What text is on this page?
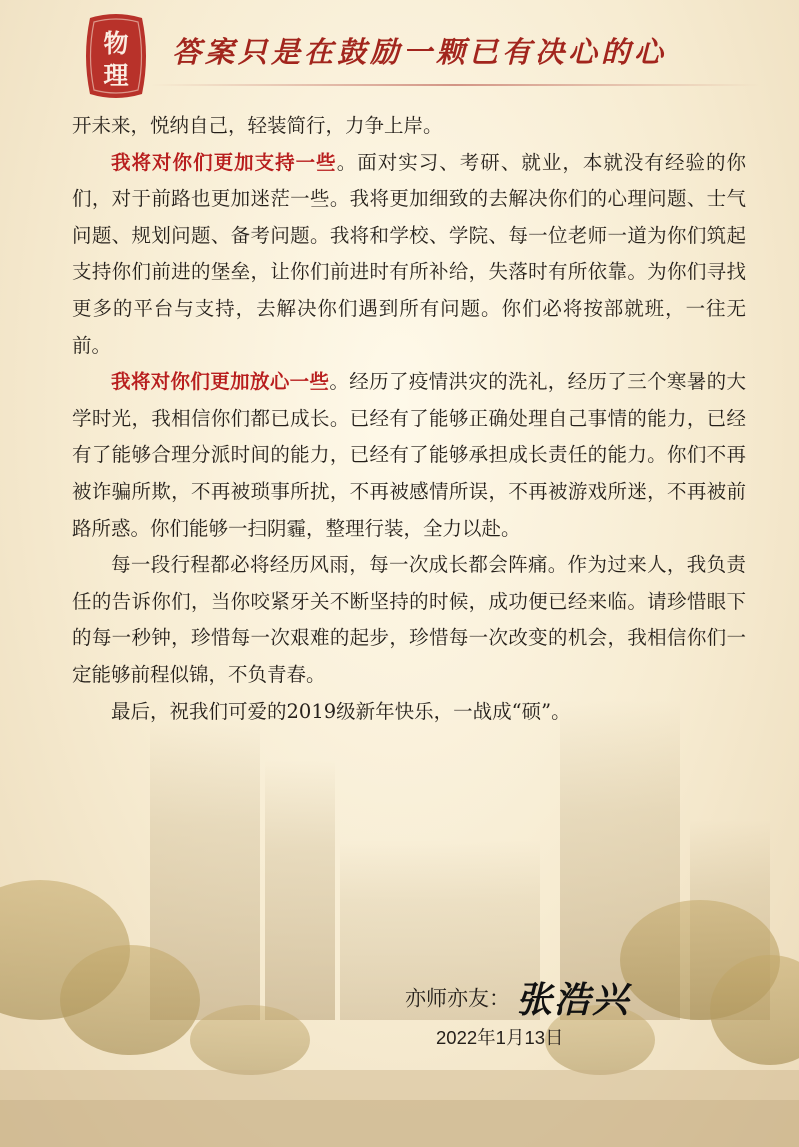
物
理
答案只是在鼓励一颗已有决心的心

开未来，悦纳自己，轻装简行，力争上岸。

我将对你们更加支持一些。面对实习、考研、就业，本就没有经验的你们，对于前路也更加迷茫一些。我将更加细致的去解决你们的心理问题、士气问题、规划问题、备考问题。我将和学校、学院、每一位老师一道为你们筑起支持你们前进的堡垒，让你们前进时有所补给，失落时有所依靠。为你们寻找更多的平台与支持，去解决你们遇到所有问题。你们必将按部就班，一往无前。

我将对你们更加放心一些。经历了疫情洪灾的洗礼，经历了三个寒暑的大学时光，我相信你们都已成长。已经有了能够正确处理自己事情的能力，已经有了能够合理分派时间的能力，已经有了能够承担成长责任的能力。你们不再被诈骗所欺，不再被琐事所扰，不再被感情所误，不再被游戏所迷，不再被前路所惑。你们能够一扫阴霾，整理行装，全力以赴。

每一段行程都必将经历风雨，每一次成长都会阵痛。作为过来人，我负责任的告诉你们，当你咬紧牙关不断坚持的时候，成功便已经来临。请珍惜眼下的每一秒钟，珍惜每一次艰难的起步，珍惜每一次改变的机会，我相信你们一定能够前程似锦，不负青春。

最后，祝我们可爱的2019级新年快乐，一战成“硕”。

亦师亦友： 张浩兴
2022年1月13日
